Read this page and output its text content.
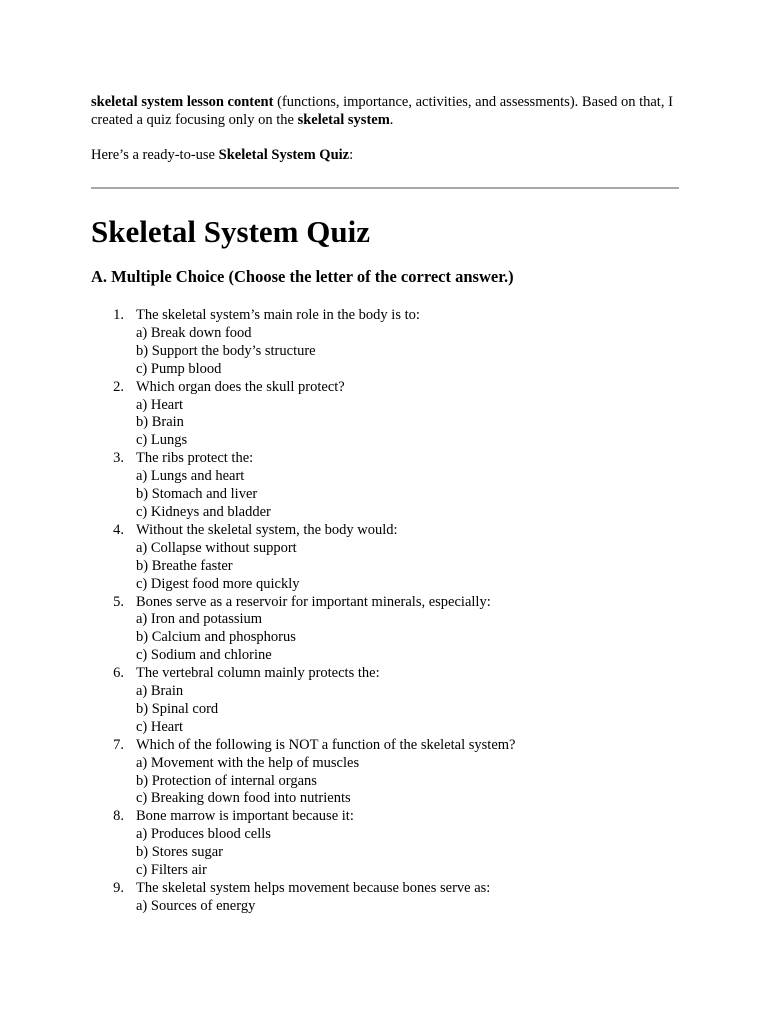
skeletal system lesson content (functions, importance, activities, and assessments). Based on that, I created a quiz focusing only on the skeletal system.

Here’s a ready-to-use Skeletal System Quiz:

Skeletal System Quiz
A. Multiple Choice (Choose the letter of the correct answer.)
1. The skeletal system’s main role in the body is to:
a) Break down food
b) Support the body’s structure
c) Pump blood
2. Which organ does the skull protect?
a) Heart
b) Brain
c) Lungs
3. The ribs protect the:
a) Lungs and heart
b) Stomach and liver
c) Kidneys and bladder
4. Without the skeletal system, the body would:
a) Collapse without support
b) Breathe faster
c) Digest food more quickly
5. Bones serve as a reservoir for important minerals, especially:
a) Iron and potassium
b) Calcium and phosphorus
c) Sodium and chlorine
6. The vertebral column mainly protects the:
a) Brain
b) Spinal cord
c) Heart
7. Which of the following is NOT a function of the skeletal system?
a) Movement with the help of muscles
b) Protection of internal organs
c) Breaking down food into nutrients
8. Bone marrow is important because it:
a) Produces blood cells
b) Stores sugar
c) Filters air
9. The skeletal system helps movement because bones serve as:
a) Sources of energy
